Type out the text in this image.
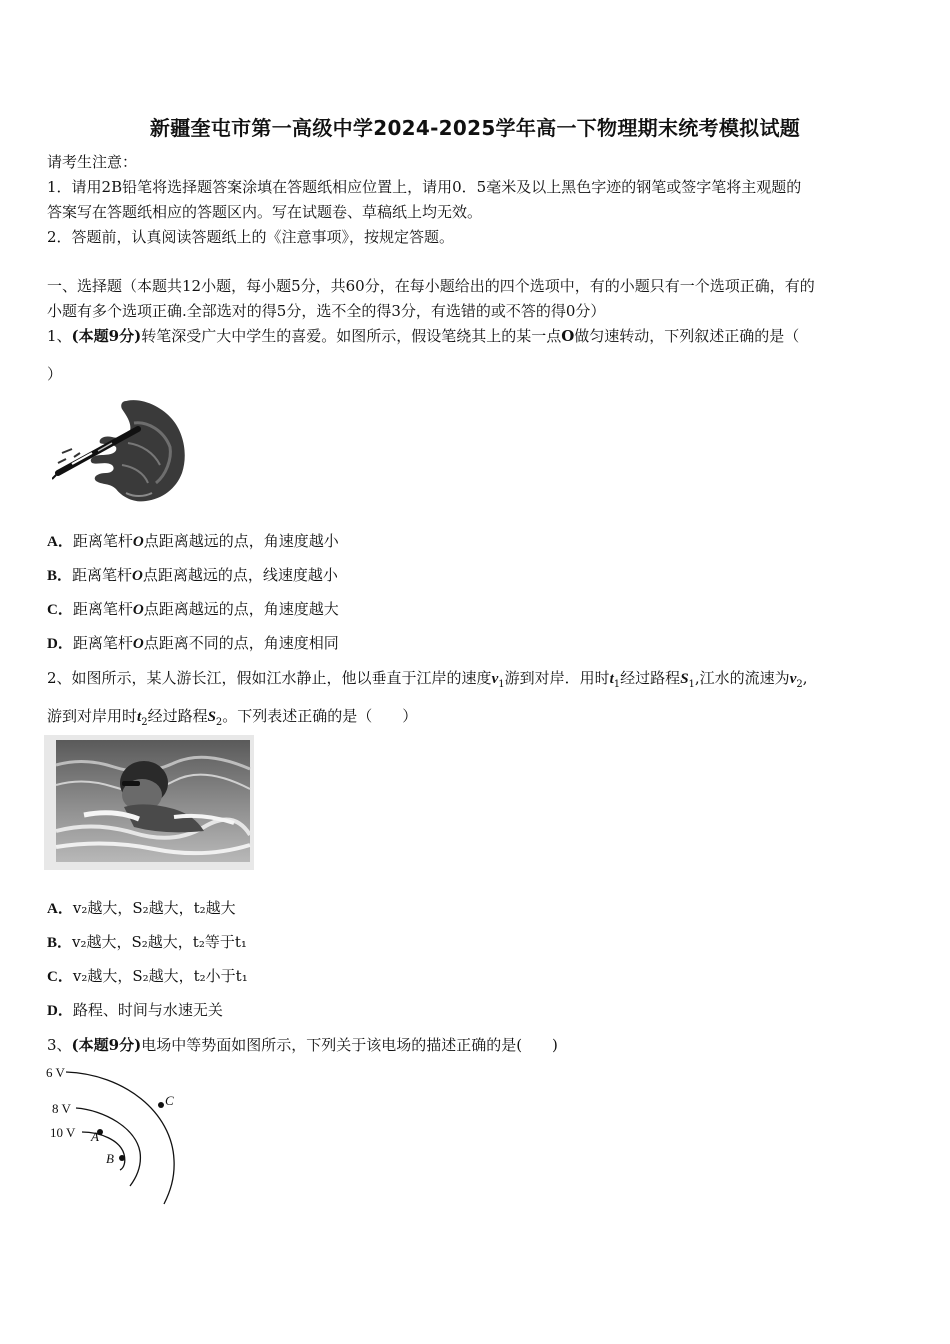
新疆奎屯市第一高级中学2024-2025学年高一下物理期末统考模拟试题
请考生注意：
1．请用2B铅笔将选择题答案涂填在答题纸相应位置上，请用0．5毫米及以上黑色字迹的钢笔或签字笔将主观题的
答案写在答题纸相应的答题区内。写在试题卷、草稿纸上均无效。
2．答题前，认真阅读答题纸上的《注意事项》，按规定答题。
一、选择题（本题共12小题，每小题5分，共60分，在每小题给出的四个选项中，有的小题只有一个选项正确，有的
小题有多个选项正确.全部选对的得5分，选不全的得3分，有选错的或不答的得0分）
1、(本题9分)转笔深受广大中学生的喜爱。如图所示，假设笔绕其上的某一点O做匀速转动，下列叙述正确的是（
）
A．距离笔杆O点距离越远的点，角速度越小
B．距离笔杆O点距离越远的点，线速度越小
C．距离笔杆O点距离越远的点，角速度越大
D．距离笔杆O点距离不同的点，角速度相同
2、如图所示，某人游长江，假如江水静止，他以垂直于江岸的速度$v_1$游到对岸．用时$t_1$经过路程$S_1$,江水的流速为$v_2$,
游到对岸用时$t_2$经过路程$S_2$。下列表述正确的是（　　）
A．v₂越大，S₂越大，t₂越大
B．v₂越大，S₂越大，t₂等于t₁
C．v₂越大，S₂越大，t₂小于t₁
D．路程、时间与水速无关
3、(本题9分)电场中等势面如图所示，下列关于该电场的描述正确的是(　　)
6 V
8 V
10 V A
B
C
